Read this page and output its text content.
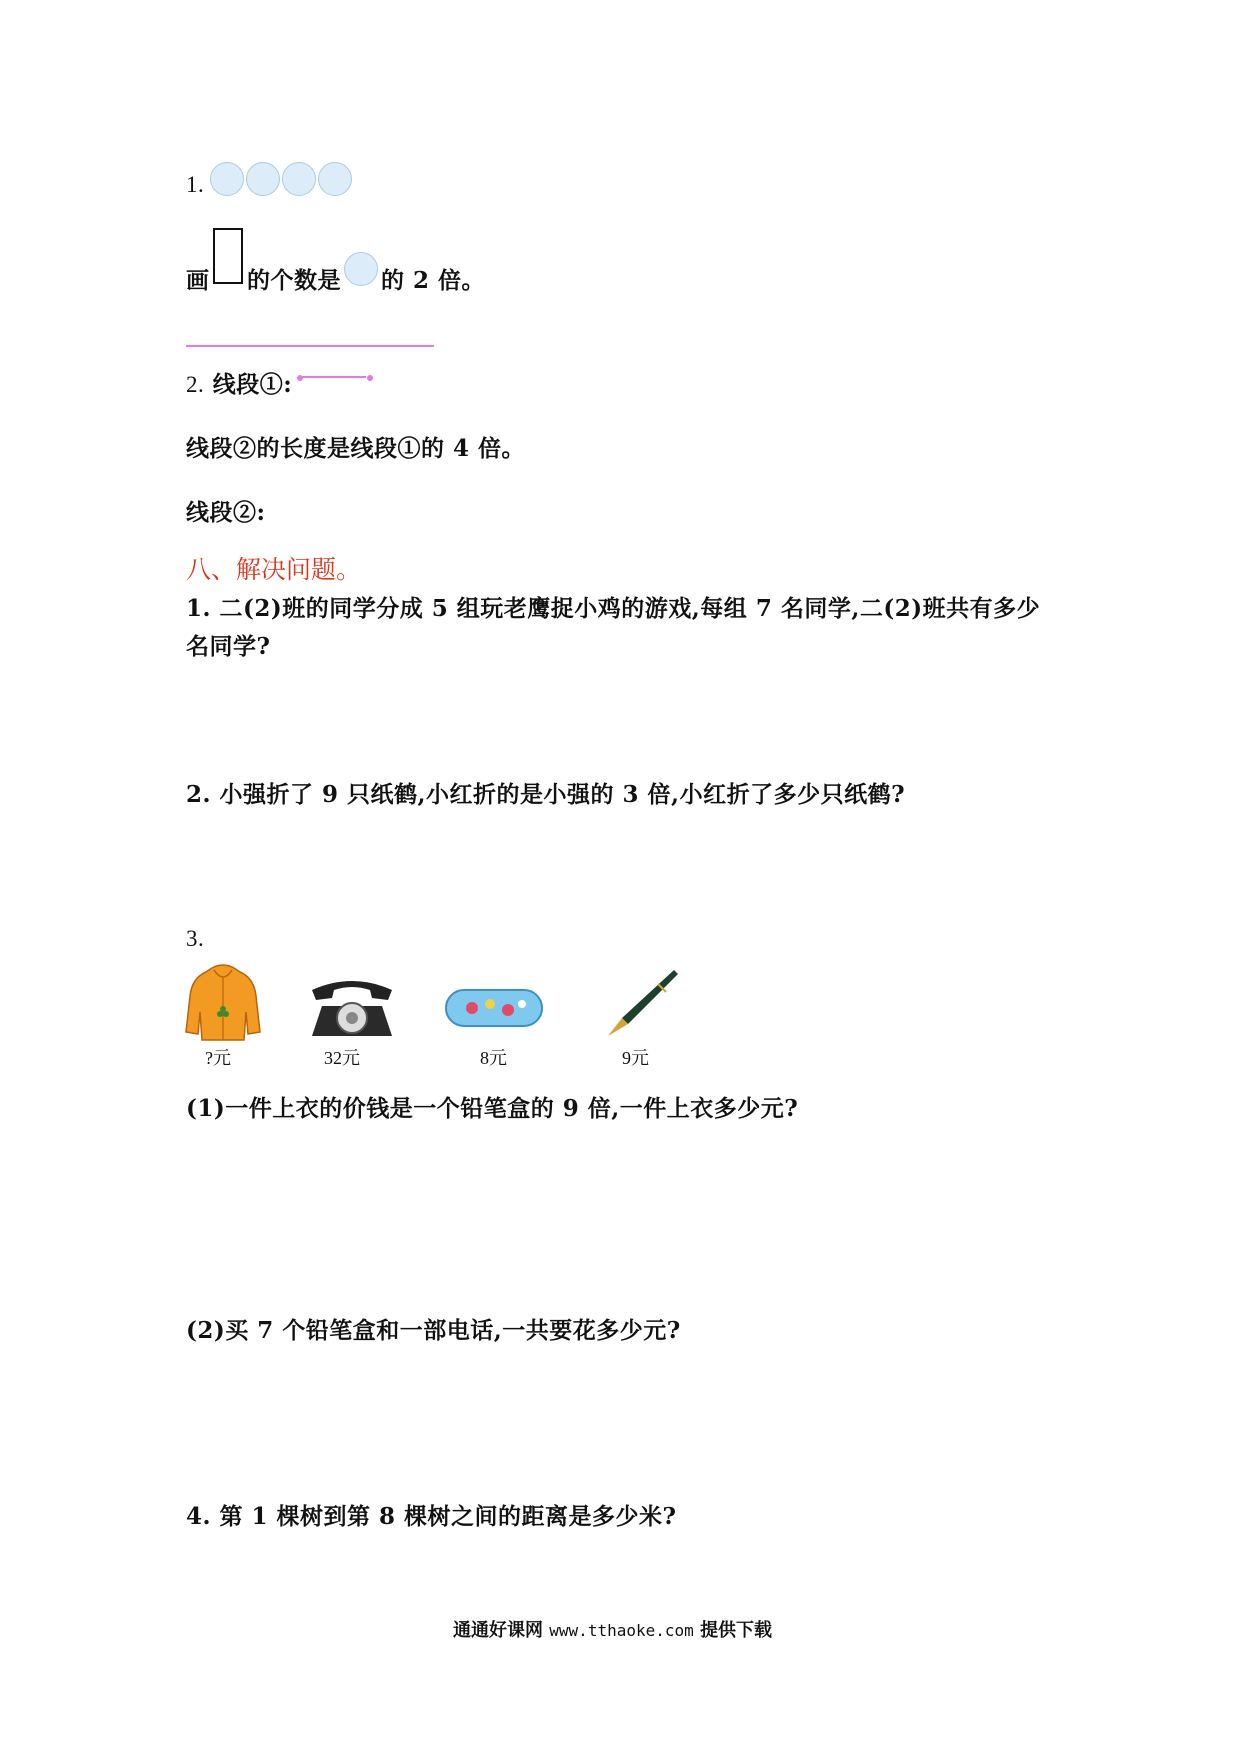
1.
画 的个数是 的 2 倍。
2. 线段①:
线段②的长度是线段①的 4 倍。
线段②:
八、解决问题。
1. 二(2)班的同学分成 5 组玩老鹰捉小鸡的游戏,每组 7 名同学,二(2)班共有多少
名同学?
2. 小强折了 9 只纸鹤,小红折的是小强的 3 倍,小红折了多少只纸鹤?
3.
?元	32元	8元	9元
(1)一件上衣的价钱是一个铅笔盒的 9 倍,一件上衣多少元?
(2)买 7 个铅笔盒和一部电话,一共要花多少元?
4. 第 1 棵树到第 8 棵树之间的距离是多少米?
通通好课网 www.tthaoke.com 提供下载
